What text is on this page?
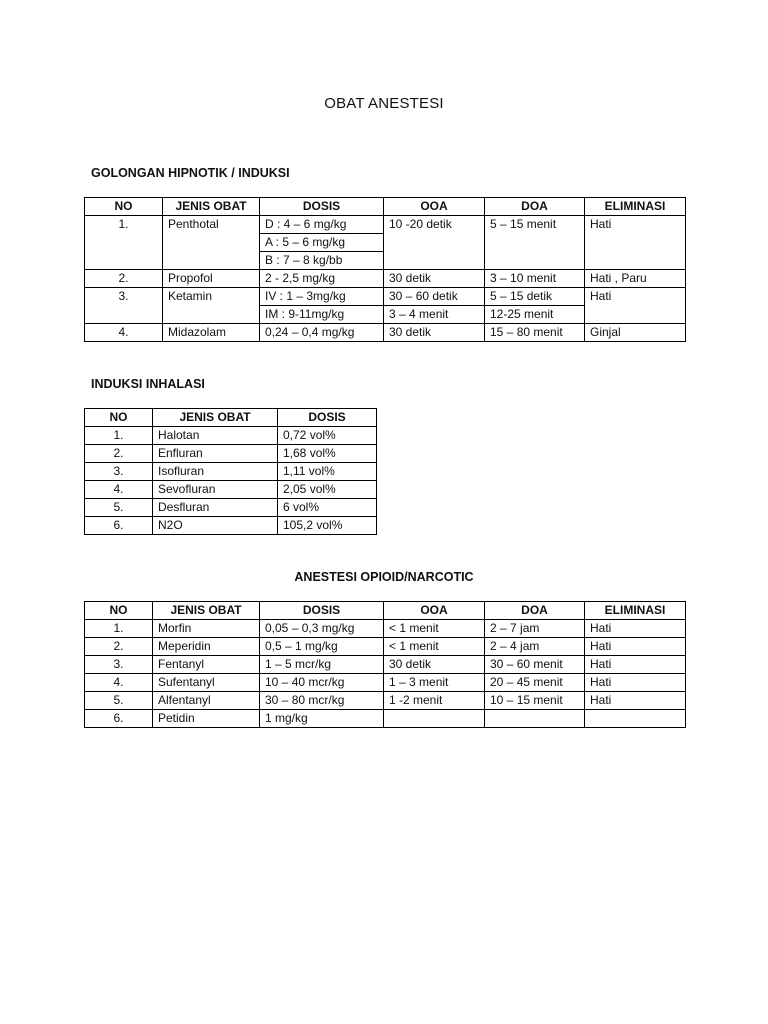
OBAT ANESTESI
GOLONGAN HIPNOTIK / INDUKSI
NO	JENIS OBAT	DOSIS	OOA	DOA	ELIMINASI
1.	Penthotal	D : 4 – 6 mg/kg	10 -20 detik	5 – 15 menit	Hati
		A : 5 – 6 mg/kg			
		B : 7 – 8 kg/bb			
2.	Propofol	2 - 2,5 mg/kg	30 detik	3 – 10 menit	Hati , Paru
3.	Ketamin	IV : 1 – 3mg/kg	30 – 60 detik	5 – 15 detik	Hati
		IM : 9-11mg/kg	3 – 4 menit	12-25 menit	
4.	Midazolam	0,24 – 0,4 mg/kg	30 detik	15 – 80 menit	Ginjal
INDUKSI INHALASI
NO	JENIS OBAT	DOSIS
1.	Halotan	0,72 vol%
2.	Enfluran	1,68 vol%
3.	Isofluran	1,11 vol%
4.	Sevofluran	2,05 vol%
5.	Desfluran	6 vol%
6.	N2O	105,2 vol%
ANESTESI OPIOID/NARCOTIC
NO	JENIS OBAT	DOSIS	OOA	DOA	ELIMINASI
1.	Morfin	0,05 – 0,3 mg/kg	< 1 menit	2 – 7 jam	Hati
2.	Meperidin	0,5 – 1 mg/kg	< 1 menit	2 – 4 jam	Hati
3.	Fentanyl	1 – 5 mcr/kg	30 detik	30 – 60 menit	Hati
4.	Sufentanyl	10 – 40 mcr/kg	1 – 3 menit	20 – 45 menit	Hati
5.	Alfentanyl	30 – 80 mcr/kg	1 -2 menit	10 – 15 menit	Hati
6.	Petidin	1 mg/kg			
